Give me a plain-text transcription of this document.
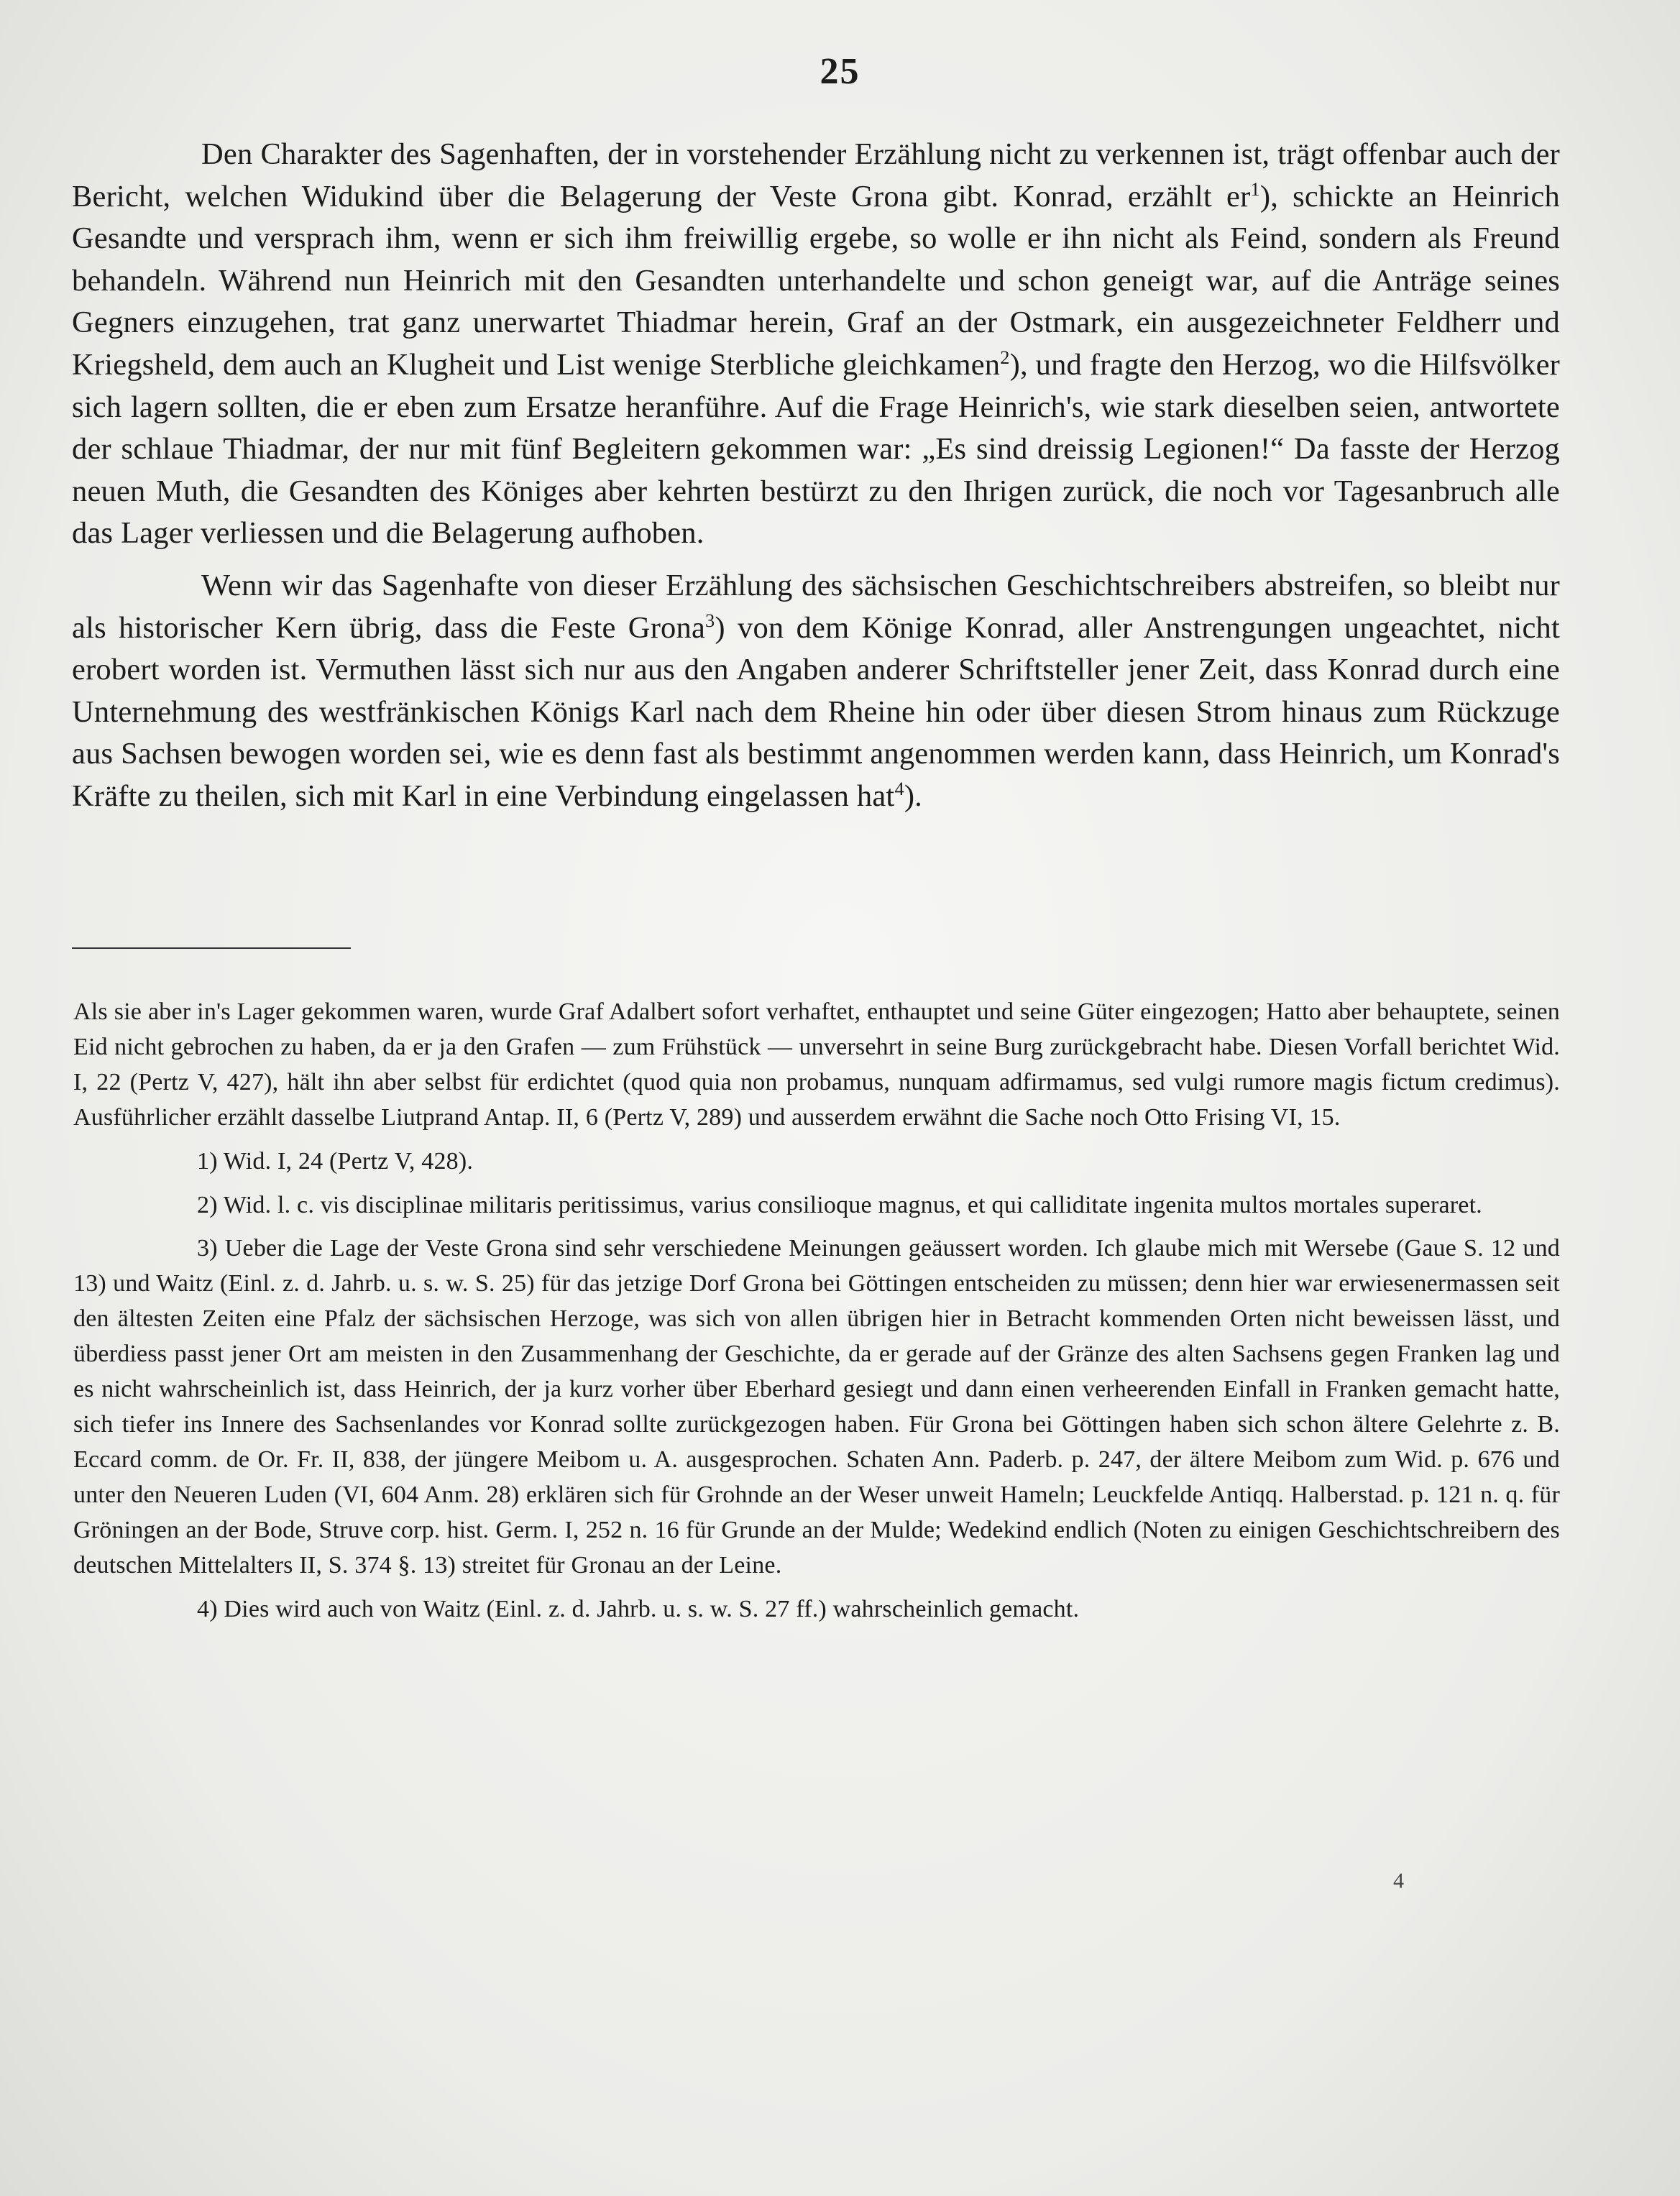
25

Den Charakter des Sagenhaften, der in vorstehender Erzählung nicht zu verkennen ist, trägt offenbar auch der Bericht, welchen Widukind über die Belagerung der Veste Grona gibt. Konrad, erzählt $er^1$), schickte an Heinrich Gesandte und versprach ihm, wenn er sich ihm freiwillig ergebe, so wolle er ihn nicht als Feind, sondern als Freund behandeln. Während nun Heinrich mit den Gesandten unterhandelte und schon geneigt war, auf die Anträge seines Gegners einzugehen, trat ganz unerwartet Thiadmar herein, Graf an der Ostmark, ein ausgezeichneter Feldherr und Kriegsheld, dem auch an Klugheit und List wenige Sterbliche gleichkamen$^2$), und fragte den Herzog, wo die Hilfsvölker sich lagern sollten, die er eben zum Ersatze heranführe. Auf die Frage Heinrich's, wie stark dieselben seien, antwortete der schlaue Thiadmar, der nur mit fünf Begleitern gekommen war: „Es sind dreissig Legionen!“ Da fasste der Herzog neuen Muth, die Gesandten des Königes aber kehrten bestürzt zu den Ihrigen zurück, die noch vor Tagesanbruch alle das Lager verliessen und die Belagerung aufhoben.

Wenn wir das Sagenhafte von dieser Erzählung des sächsischen Geschichtschreibers abstreifen, so bleibt nur als historischer Kern übrig, dass die Feste Grona$^3$) von dem Könige Konrad, aller Anstrengungen ungeachtet, nicht erobert worden ist. Vermuthen lässt sich nur aus den Angaben anderer Schriftsteller jener Zeit, dass Konrad durch eine Unternehmung des westfränkischen Königs Karl nach dem Rheine hin oder über diesen Strom hinaus zum Rückzuge aus Sachsen bewogen worden sei, wie es denn fast als bestimmt angenommen werden kann, dass Heinrich, um Konrad's Kräfte zu theilen, sich mit Karl in eine Verbindung eingelassen hat$^4$).

Als sie aber in's Lager gekommen waren, wurde Graf Adalbert sofort verhaftet, enthauptet und seine Güter eingezogen; Hatto aber behauptete, seinen Eid nicht gebrochen zu haben, da er ja den Grafen — zum Frühstück — unversehrt in seine Burg zurückgebracht habe. Diesen Vorfall berichtet Wid. I, 22 (Pertz V, 427), hält ihn aber selbst für erdichtet (quod quia non probamus, nunquam adfirmamus, sed vulgi rumore magis fictum credimus). Ausführlicher erzählt dasselbe Liutprand Antap. II, 6 (Pertz V, 289) und ausserdem erwähnt die Sache noch Otto Frising VI, 15.

1) Wid. I, 24 (Pertz V, 428).

2) Wid. l. c. vis disciplinae militaris peritissimus, varius consilioque magnus, et qui calliditate ingenita multos mortales superaret.

3) Ueber die Lage der Veste Grona sind sehr verschiedene Meinungen geäussert worden. Ich glaube mich mit Wersebe (Gaue S. 12 und 13) und Waitz (Einl. z. d. Jahrb. u. s. w. S. 25) für das jetzige Dorf Grona bei Göttingen entscheiden zu müssen; denn hier war erwiesenermassen seit den ältesten Zeiten eine Pfalz der sächsischen Herzoge, was sich von allen übrigen hier in Betracht kommenden Orten nicht beweissen lässt, und überdiess passt jener Ort am meisten in den Zusammenhang der Geschichte, da er gerade auf der Gränze des alten Sachsens gegen Franken lag und es nicht wahrscheinlich ist, dass Heinrich, der ja kurz vorher über Eberhard gesiegt und dann einen verheerenden Einfall in Franken gemacht hatte, sich tiefer ins Innere des Sachsenlandes vor Konrad sollte zurückgezogen haben. Für Grona bei Göttingen haben sich schon ältere Gelehrte z. B. Eccard comm. de Or. Fr. II, 838, der jüngere Meibom u. A. ausgesprochen. Schaten Ann. Paderb. p. 247, der ältere Meibom zum Wid. p. 676 und unter den Neueren Luden (VI, 604 Anm. 28) erklären sich für Grohnde an der Weser unweit Hameln; Leuckfelde Antiqq. Halberstad. p. 121 n. q. für Gröningen an der Bode, Struve corp. hist. Germ. I, 252 n. 16 für Grunde an der Mulde; Wedekind endlich (Noten zu einigen Geschichtschreibern des deutschen Mittelalters II, S. 374 §. 13) streitet für Gronau an der Leine.

4) Dies wird auch von Waitz (Einl. z. d. Jahrb. u. s. w. S. 27 ff.) wahrscheinlich gemacht.

4
